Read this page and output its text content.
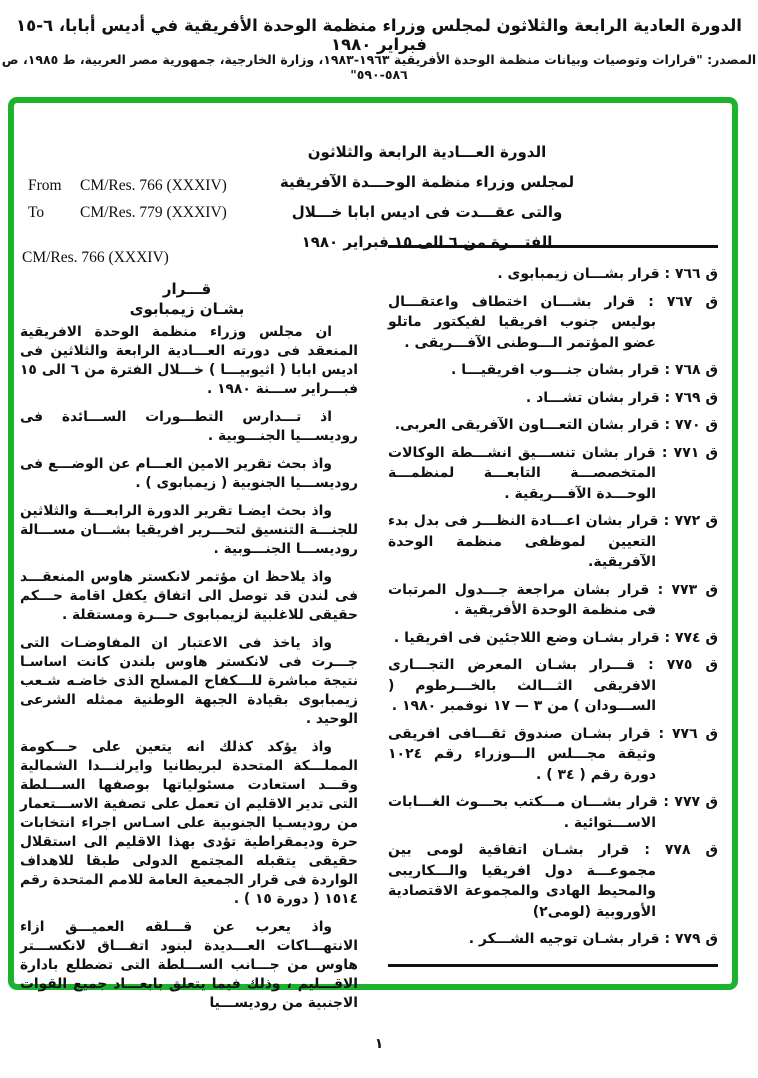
الدورة العادية الرابعة والثلاثون لمجلس وزراء منظمة الوحدة الأفريقية في أديس أبابا، ٦-١٥ فبراير ١٩٨٠
المصدر: "قرارات وتوصيات وبيانات منظمة الوحدة الأفريقية ١٩٦٣-١٩٨٣، وزارة الخارجية، جمهورية مصر العربية، ط ١٩٨٥، ص ٥٨٦-٥٩٠"
الدورة العـــادية الرابعة والثلاثون
لمجلس وزراء منظمة الوحـــدة الآفريقية
والتى عقـــدت فى اديس ابابا خـــلال
الفتـــرة من ٦ الى ١٥ فبراير ١٩٨٠
From	CM/Res. 766 (XXXIV)
To	CM/Res. 779 (XXXIV)
CM/Res. 766 (XXXIV)
قـــرار
بشـان زيمبابوى

ان مجلس وزراء منظمة الوحدة الافريقية المنعقد فى دورته العـــادية الرابعة والثلاثين فى اديس ابابا ( اثيوبيـــا ) خـــلال الفترة من ٦ الى ١٥ فبـــراير ســـنة ١٩٨٠ .

اذ تـــدارس التطـــورات الســـائدة فى روديســـيا الجنـــوبية .

واذ بحث تقرير الامين العـــام عن الوضـــع فى روديســـيا الجنوبية ( زيمبابوى ) .

واذ بحث ايضـا تقرير الدورة الرابعـــة والثلاثين للجنـــة التنسيق لتحـــرير افريقيا بشـــان مســـالة روديســـا الجنـــوبية .

واذ يلاحظ ان مؤتمر لانكستر هاوس المنعقـــد فى لندن قد توصل الى اتفاق يكفل اقامة حـــكم حقيقى للاغلبية لزيمبابوى حـــرة ومستقلة .

واذ ياخذ فى الاعتبار ان المفاوضـات التى جـــرت فى لانكستر هاوس بلندن كانت اساسـا نتيجة مباشرة للـــكفاح المسلح الذى خاضـه شـعب زيمبابوى بقيادة الجبهة الوطنية ممثله الشرعى الوحيد .

واذ يؤكد كذلك انه يتعين على حـــكومة المملـــكة المتحدة لبريطانيا وايرلنـــدا الشمالية وقـــد استعادت مسئولياتها بوصفها الســـلطة التى تدير الاقليم ان تعمل على تصفية الاســـتعمار من روديسـيا الجنوبية على اسـاس اجراء انتخابات حرة وديمقراطية تؤدى بهذا الاقليم الى استقلال حقيقى يتقبله المجتمع الدولى طبقا للاهداف الواردة فى قرار الجمعية العامة للامم المتحدة رقم ١٥١٤ ( دورة ١٥ ) .

واذ يعرب عن قـــلقه العميـــق ازاء الانتهـــاكات العـــديدة لبنود اتفـــاق لانكســـتر هاوس من جـــانب الســـلطة التى تضطلع بادارة الاقـــليم ، وذلك فيما يتعلق بابعـــاد جميع القوات الاجنبية من روديســـيا

ق ٧٦٦ : قرار بشـــان زيمبابوى .
ق ٧٦٧ : قرار بشـــان اختطاف واعتقـــال بوليس جنوب افريقيا لفيكتور ماتلو عضو المؤتمر الـــوطنى الآفـــريقى .
ق ٧٦٨ : قرار بشان جنـــوب افريقيـــا .
ق ٧٦٩ : قرار بشان تشـــاد .
ق ٧٧٠ : قرار بشان التعـــاون الآفريقى العربى.
ق ٧٧١ : قرار بشان تنســـيق انشـــطة الوكالات المتخصصـــة التابعـــة لمنظمـــة الوحـــدة الآفـــريقية .
ق ٧٧٢ : قرار بشان اعـــادة النظـــر فى بدل بدء التعيين لموظفى منظمة الوحدة الآفريقية.
ق ٧٧٣ : قرار بشان مراجعة جـــدول المرتبات فى منظمة الوحدة الأفريقية .
ق ٧٧٤ : قرار بشـان وضع اللاجئين فى افريقيا .
ق ٧٧٥ : قـــرار بشـان المعرض التجـــارى الافريقى الثـــالث بالخـــرطوم ( الســـودان ) من ٣ — ١٧ نوفمبر ١٩٨٠ .
ق ٧٧٦ : قرار بشـان صندوق ثقـــافى افريقى وثيقة مجـــلس الـــوزراء رقم ١٠٢٤ دورة رقم ( ٣٤ ) .
ق ٧٧٧ : قرار بشـــان مـــكتب بحـــوث الغـــابات الاســـتوائية .
ق ٧٧٨ : قرار بشـان اتفاقية لومى بين مجموعـــة دول افريقيا والـــكاريبى والمحيط الهادى والمجموعة الاقتصادية الأوروبية (لومى٢)
ق ٧٧٩ : قرار بشـان توجيه الشـــكر .
١
